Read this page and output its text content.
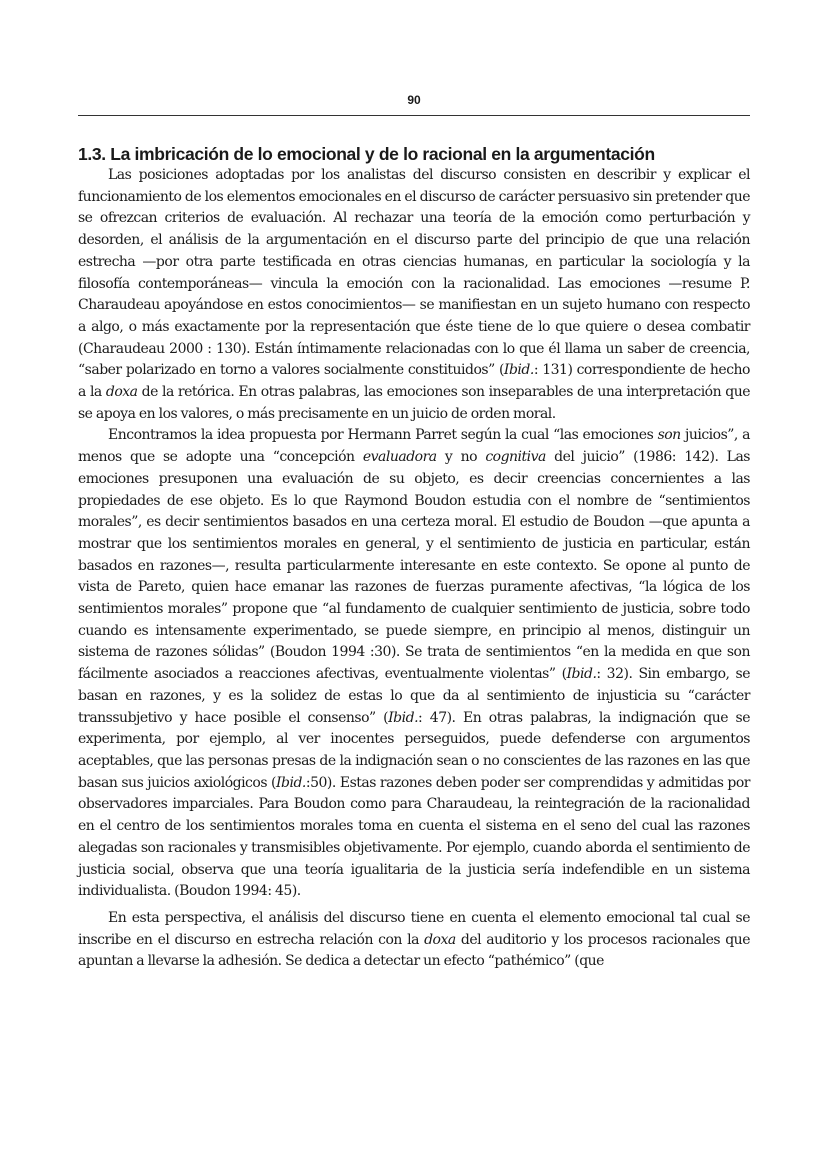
90
1.3. La imbricación de lo emocional y de lo racional en la argumentación

Las posiciones adoptadas por los analistas del discurso consisten en describir y explicar el funcionamiento de los elementos emocionales en el discurso de carácter persuasivo sin pretender que se ofrezcan criterios de evaluación. Al rechazar una teoría de la emoción como perturbación y desorden, el análisis de la argumentación en el discurso parte del principio de que una relación estrecha —por otra parte testificada en otras ciencias humanas, en particular la sociología y la filosofía contemporáneas— vincula la emoción con la racionalidad. Las emociones —resume P. Charaudeau apoyándose en estos conocimientos— se manifiestan en un sujeto humano con respecto a algo, o más exactamente por la representación que éste tiene de lo que quiere o desea combatir (Charaudeau 2000 : 130). Están íntimamente relacionadas con lo que él llama un saber de creencia, “saber polarizado en torno a valores socialmente constituidos” (Ibid.: 131) correspondiente de hecho a la doxa de la retórica. En otras palabras, las emociones son inseparables de una interpretación que se apoya en los valores, o más precisamente en un juicio de orden moral.

Encontramos la idea propuesta por Hermann Parret según la cual “las emociones son juicios”, a menos que se adopte una “concepción evaluadora y no cognitiva del juicio” (1986: 142). Las emociones presuponen una evaluación de su objeto, es decir creencias concernientes a las propiedades de ese objeto. Es lo que Raymond Boudon estudia con el nombre de “sentimientos morales”, es decir sentimientos basados en una certeza moral. El estudio de Boudon —que apunta a mostrar que los sentimientos morales en general, y el sentimiento de justicia en particular, están basados en razones—, resulta particularmente interesante en este contexto. Se opone al punto de vista de Pareto, quien hace emanar las razones de fuerzas puramente afectivas, “la lógica de los sentimientos morales” propone que “al fundamento de cualquier sentimiento de justicia, sobre todo cuando es intensamente experimentado, se puede siempre, en principio al menos, distinguir un sistema de razones sólidas” (Boudon 1994 :30). Se trata de sentimientos “en la medida en que son fácilmente asociados a reacciones afectivas, eventualmente violentas” (Ibid.: 32). Sin embargo, se basan en razones, y es la solidez de estas lo que da al sentimiento de injusticia su “carácter transsubjetivo y hace posible el consenso” (Ibid.: 47). En otras palabras, la indignación que se experimenta, por ejemplo, al ver inocentes perseguidos, puede defenderse con argumentos aceptables, que las personas presas de la indignación sean o no conscientes de las razones en las que basan sus juicios axiológicos (Ibid.:50). Estas razones deben poder ser comprendidas y admitidas por observadores imparciales. Para Boudon como para Charaudeau, la reintegración de la racionalidad en el centro de los sentimientos morales toma en cuenta el sistema en el seno del cual las razones alegadas son racionales y transmisibles objetivamente. Por ejemplo, cuando aborda el sentimiento de justicia social, observa que una teoría igualitaria de la justicia sería indefendible en un sistema individualista. (Boudon 1994: 45).

En esta perspectiva, el análisis del discurso tiene en cuenta el elemento emocional tal cual se inscribe en el discurso en estrecha relación con la doxa del auditorio y los procesos racionales que apuntan a llevarse la adhesión. Se dedica a detectar un efecto “pathémico” (que
